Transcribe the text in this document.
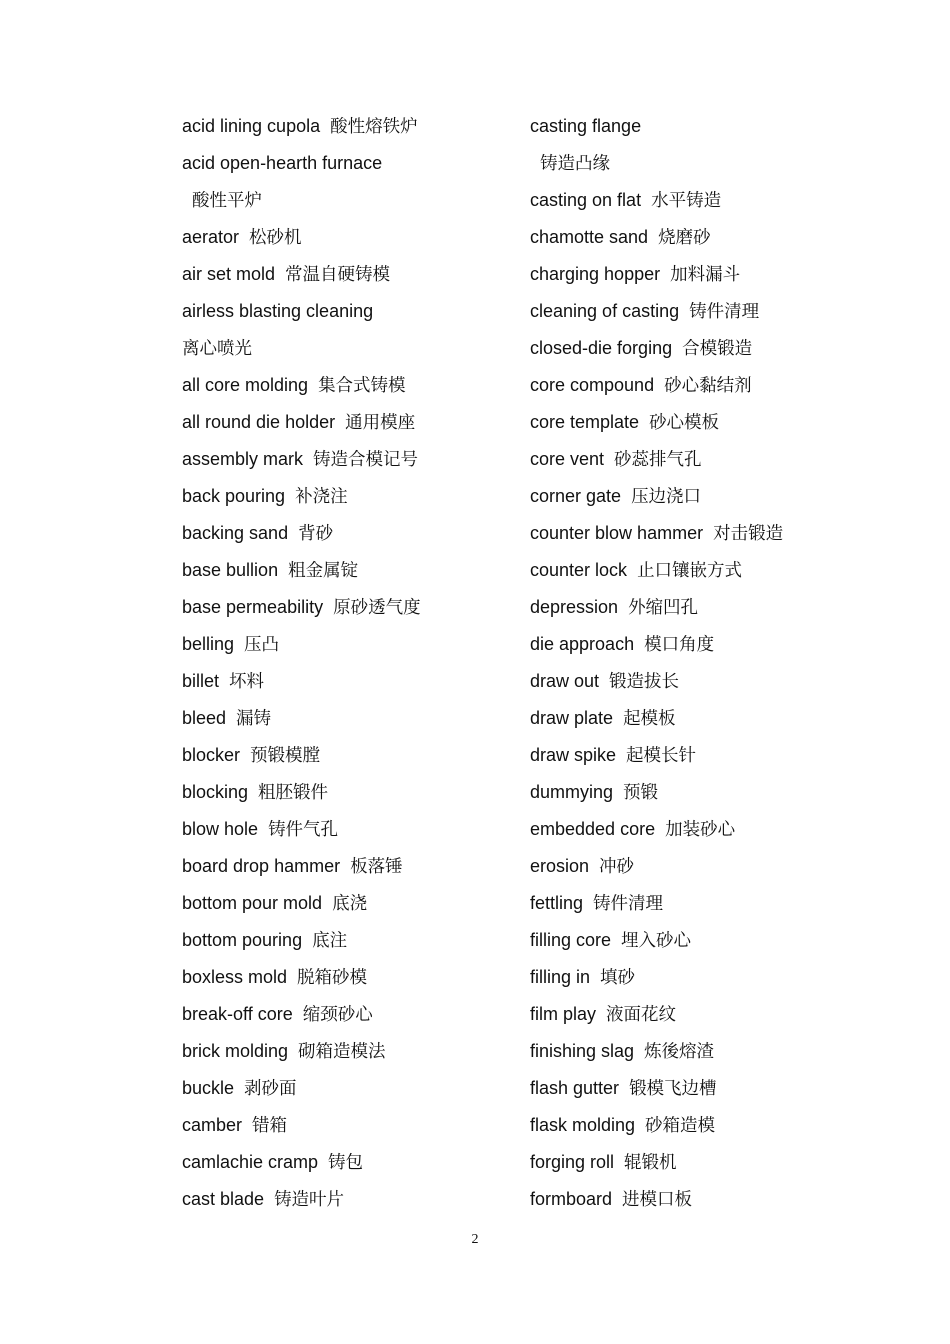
acid lining cupola 酸性熔铁炉
acid open-hearth furnace
酸性平炉
aerator 松砂机
air set mold 常温自硬铸模
airless blasting cleaning
离心喷光
all core molding 集合式铸模
all round die holder 通用模座
assembly mark 铸造合模记号
back pouring 补浇注
backing sand 背砂
base bullion 粗金属锭
base permeability 原砂透气度
belling 压凸
billet 坏料
bleed 漏铸
blocker 预锻模膛
blocking 粗胚锻件
blow hole 铸件气孔
board drop hammer 板落锤
bottom pour mold 底浇
bottom pouring 底注
boxless mold 脱箱砂模
break-off core 缩颈砂心
brick molding 砌箱造模法
buckle 剥砂面
camber 错箱
camlachie cramp 铸包
cast blade 铸造叶片
casting flange
铸造凸缘
casting on flat 水平铸造
chamotte sand 烧磨砂
charging hopper 加料漏斗
cleaning of casting 铸件清理
closed-die forging 合模锻造
core compound 砂心黏结剂
core template 砂心模板
core vent 砂蕊排气孔
corner gate 压边浇口
counter blow hammer 对击锻造
counter lock 止口镶嵌方式
depression 外缩凹孔
die approach 模口角度
draw out 锻造拔长
draw plate 起模板
draw spike 起模长针
dummying 预锻
embedded core 加装砂心
erosion 冲砂
fettling 铸件清理
filling core 埋入砂心
filling in 填砂
film play 液面花纹
finishing slag 炼後熔渣
flash gutter 锻模飞边槽
flask molding 砂箱造模
forging roll 辊锻机
formboard 进模口板
2
